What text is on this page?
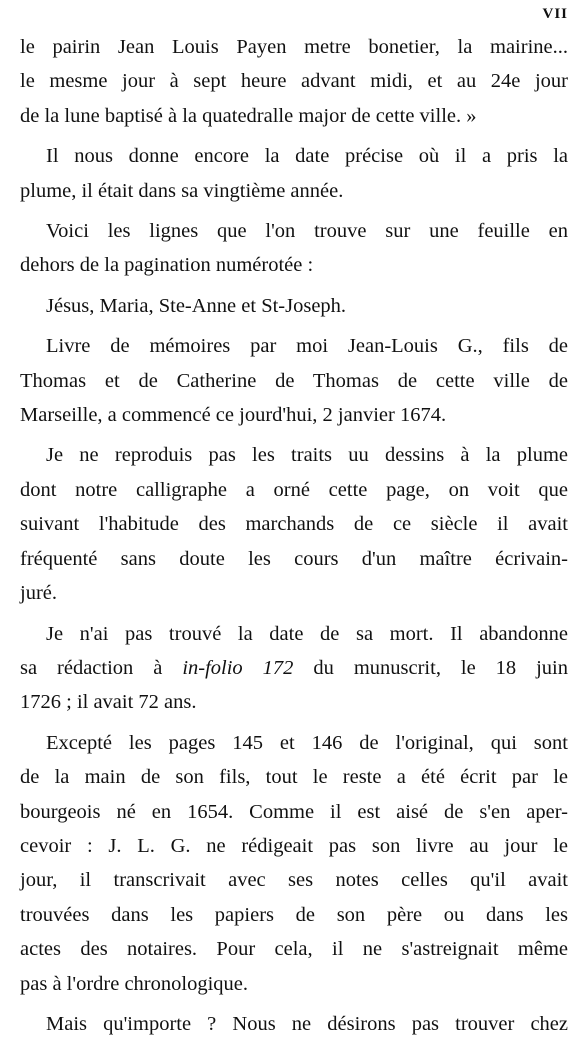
VII

le pairin Jean Louis Payen metre bonetier, la mairine...
le mesme jour à sept heure advant midi, et au 24e jour
de la lune baptisé à la quatedralle major de cette ville. »

Il nous donne encore la date précise où il a pris la
plume, il était dans sa vingtième année.

Voici les lignes que l'on trouve sur une feuille en
dehors de la pagination numérotée :

Jésus, Maria, Ste-Anne et St-Joseph.

Livre de mémoires par moi Jean-Louis G., fils de
Thomas et de Catherine de Thomas de cette ville de
Marseille, a commencé ce jourd'hui, 2 janvier 1674.

Je ne reproduis pas les traits uu dessins à la plume
dont notre calligraphe a orné cette page, on voit que
suivant l'habitude des marchands de ce siècle il avait
fréquenté sans doute les cours d'un maître écrivain-
juré.

Je n'ai pas trouvé la date de sa mort. Il abandonne
sa rédaction à in-folio 172 du munuscrit, le 18 juin
1726 ; il avait 72 ans.

Excepté les pages 145 et 146 de l'original, qui sont
de la main de son fils, tout le reste a été écrit par le
bourgeois né en 1654. Comme il est aisé de s'en aper-
cevoir : J. L. G. ne rédigeait pas son livre au jour le
jour, il transcrivait avec ses notes celles qu'il avait
trouvées dans les papiers de son père ou dans les
actes des notaires. Pour cela, il ne s'astreignait même
pas à l'ordre chronologique.

Mais qu'importe ? Nous ne désirons pas trouver chez
